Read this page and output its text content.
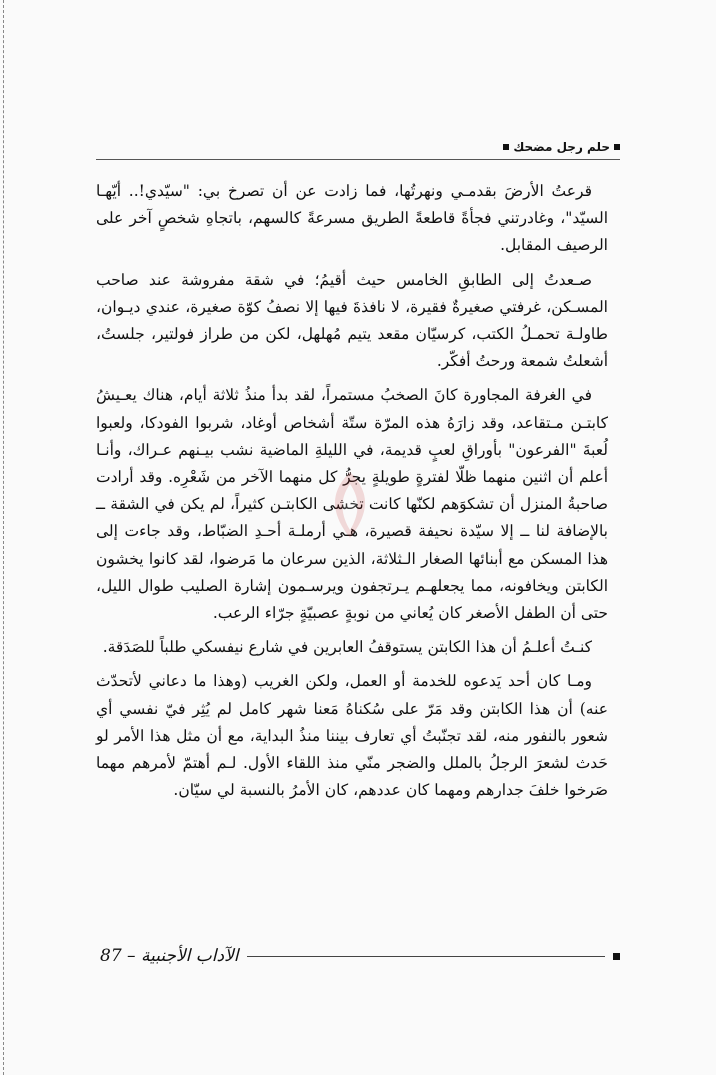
حلم رجل مضحك

قرعتُ الأرضَ بقدمـي ونهرتُها، فما زادت عن أن تصرخ بي: "سيّدي!.. أيّهـا السيّد"، وغادرتني فجأةً قاطعةً الطريق مسرعةً كالسهم، باتجاهِ شخصٍ آخر على الرصيف المقابل.

صـعدتُ إلى الطابقِ الخامس حيث أقيمُ؛ في شقة مفروشة عند صاحب المسـكن، غرفتي صغيرةٌ فقيرة، لا نافذةَ فيها إلا نصفُ كوّة صغيرة، عندي ديـوان، طاولـة تحمـلُ الكتب، كرسيّان مقعد يتيم مُهلهل، لكن من طراز فولتير، جلستُ، أشعلتُ شمعة ورحتُ أفكّر.

في الغرفة المجاورة كانَ الصخبُ مستمراً، لقد بدأ منذُ ثلاثة أيام، هناك يعـيشُ كابتـن مـتقاعد، وقد زارَهُ هذه المرّة ستّة أشخاص أوغاد، شربوا الفودكا، ولعبوا لُعبةَ "الفرعون" بأوراقِ لعبٍ قديمة، في الليلةِ الماضية نشب بيـنهم عـراك، وأنـا أعلم أن اثنين منهما ظلّا لفترةٍ طويلةٍ يجرُّ كل منهما الآخر من شَعْرِه. وقد أرادت صاحبةُ المنزل أن تشكوَهم لكنّها كانت تخشى الكابتـن كثيراً، لم يكن في الشقة ــ بالإضافة لنا ــ إلا سيّدة نحيفة قصيرة، هـي أرملـة أحـدِ الضبّاط، وقد جاءت إلى هذا المسكن مع أبنائها الصغار الـثلاثة، الذين سرعان ما مَرضوا، لقد كانوا يخشون الكابتن ويخافونه، مما يجعلهـم يـرتجفون ويرسـمون إشارة الصليب طوال الليل، حتى أن الطفل الأصغر كان يُعاني من نوبةٍ عصبيّةٍ جرّاء الرعب.

كنـتُ أعلـمُ أن هذا الكابتن يستوقفُ العابرين في شارع نيفسكي طلباً للصَدَقة.

ومـا كان أحد يَدعوه للخدمة أو العمل، ولكن الغريب (وهذا ما دعاني لأتحدّث عنه) أن هذا الكابتن وقد مَرّ على سُكناهُ مَعنا شهر كامل لم يُثِر فيّ نفسي أي شعور بالنفور منه، لقد تجنّبتُ أي تعارف بيننا منذُ البداية، مع أن مثل هذا الأمر لو حَدث لشعرَ الرجلُ بالملل والضجر منّي منذ اللقاء الأول. لـم أهتمّ لأمرهم مهما صَرخوا خلفَ جدارهم ومهما كان عددهم، كان الأمرُ بالنسبة لي سيّان.

الآداب الأجنبية – 87
